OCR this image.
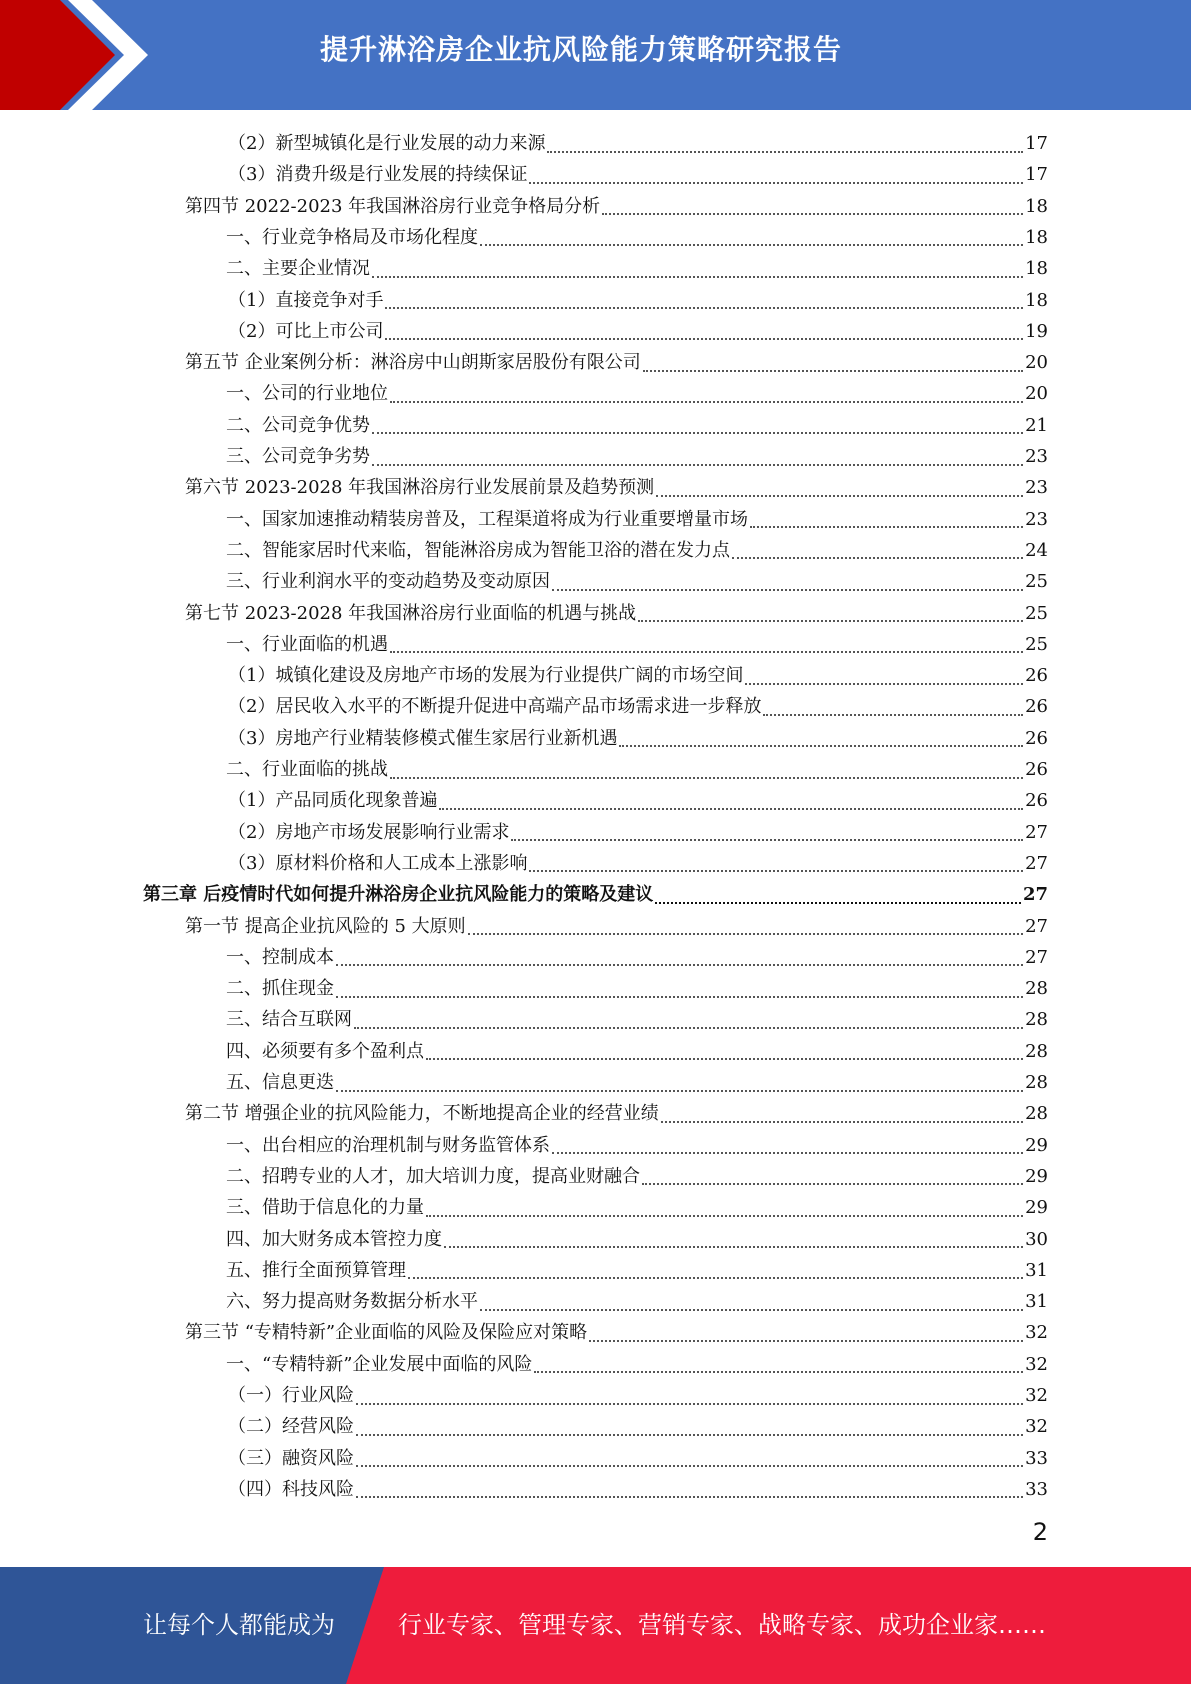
提升淋浴房企业抗风险能力策略研究报告
（2）新型城镇化是行业发展的动力来源	17
（3）消费升级是行业发展的持续保证	17
第四节 2022-2023 年我国淋浴房行业竞争格局分析	18
一、行业竞争格局及市场化程度	18
二、主要企业情况	18
（1）直接竞争对手	18
（2）可比上市公司	19
第五节 企业案例分析：淋浴房中山朗斯家居股份有限公司	20
一、公司的行业地位	20
二、公司竞争优势	21
三、公司竞争劣势	23
第六节 2023-2028 年我国淋浴房行业发展前景及趋势预测	23
一、国家加速推动精装房普及，工程渠道将成为行业重要增量市场	23
二、智能家居时代来临，智能淋浴房成为智能卫浴的潜在发力点	24
三、行业利润水平的变动趋势及变动原因	25
第七节 2023-2028 年我国淋浴房行业面临的机遇与挑战	25
一、行业面临的机遇	25
（1）城镇化建设及房地产市场的发展为行业提供广阔的市场空间	26
（2）居民收入水平的不断提升促进中高端产品市场需求进一步释放	26
（3）房地产行业精装修模式催生家居行业新机遇	26
二、行业面临的挑战	26
（1）产品同质化现象普遍	26
（2）房地产市场发展影响行业需求	27
（3）原材料价格和人工成本上涨影响	27
第三章 后疫情时代如何提升淋浴房企业抗风险能力的策略及建议	27
第一节 提高企业抗风险的 5 大原则	27
一、控制成本	27
二、抓住现金	28
三、结合互联网	28
四、必须要有多个盈利点	28
五、信息更迭	28
第二节 增强企业的抗风险能力，不断地提高企业的经营业绩	28
一、出台相应的治理机制与财务监管体系	29
二、招聘专业的人才，加大培训力度，提高业财融合	29
三、借助于信息化的力量	29
四、加大财务成本管控力度	30
五、推行全面预算管理	31
六、努力提高财务数据分析水平	31
第三节 “专精特新”企业面临的风险及保险应对策略	32
一、“专精特新”企业发展中面临的风险	32
（一）行业风险	32
（二）经营风险	32
（三）融资风险	33
（四）科技风险	33
2
让每个人都能成为	行业专家、管理专家、营销专家、战略专家、成功企业家……
